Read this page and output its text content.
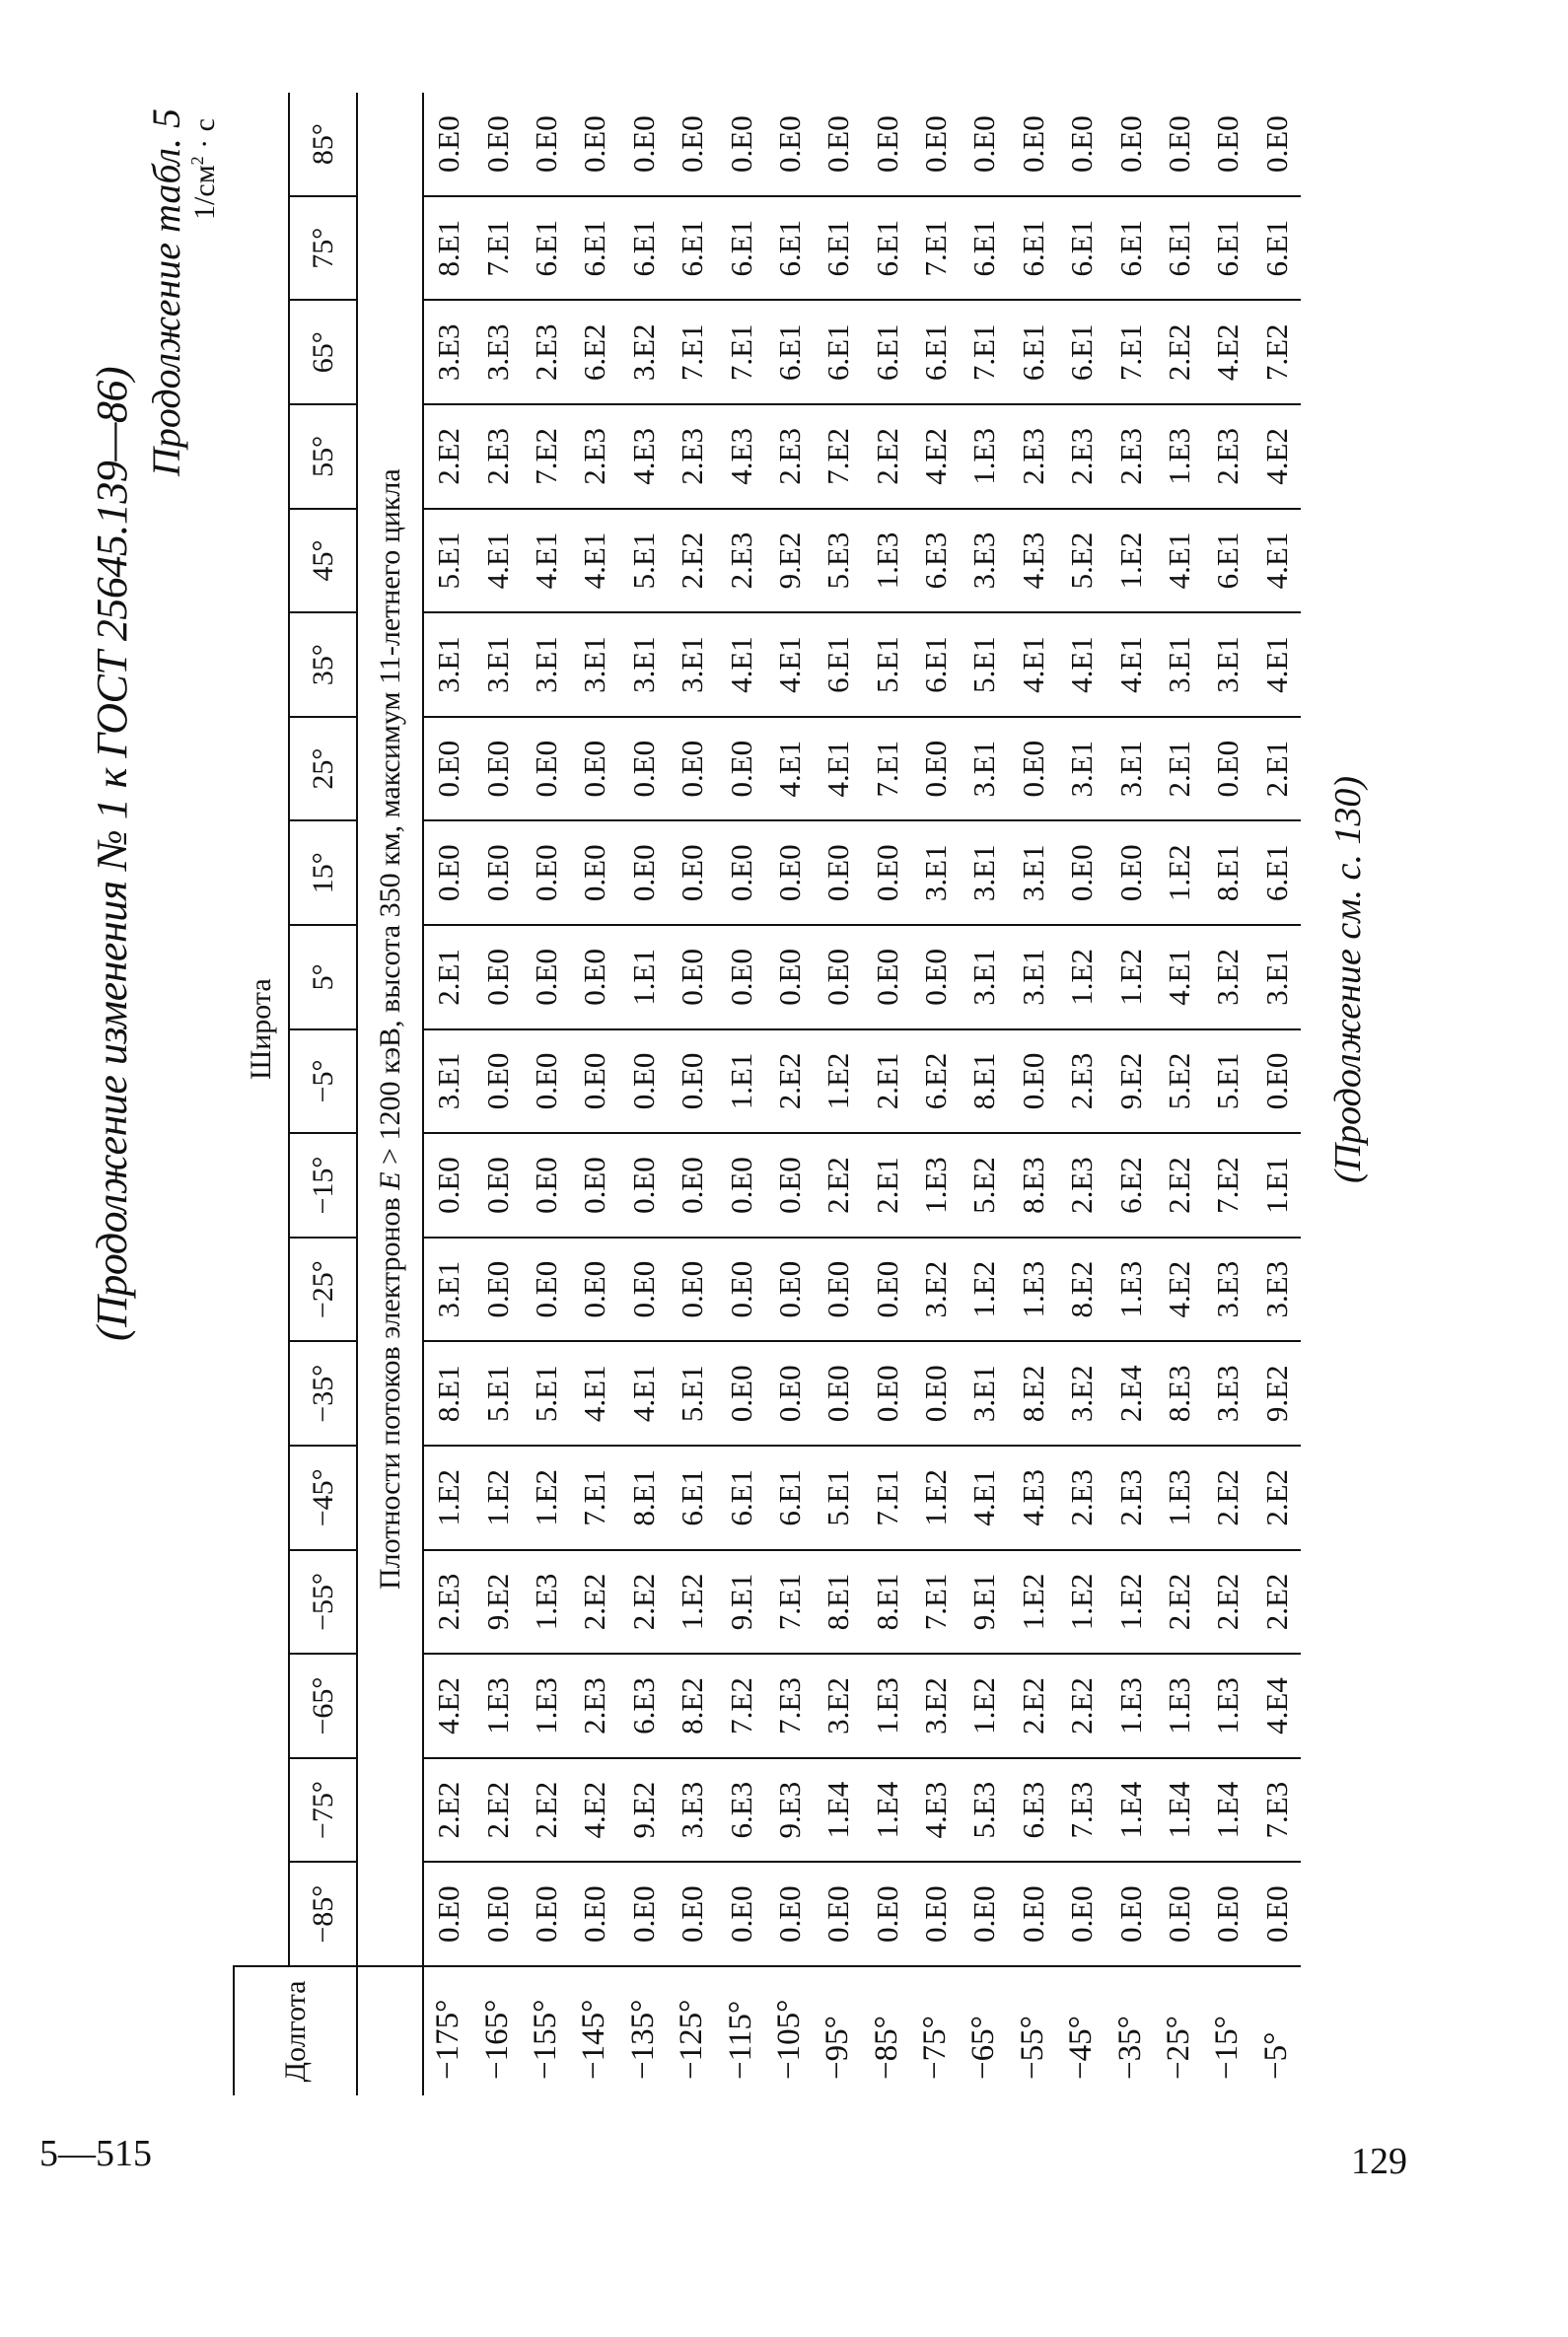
(Продолжение изменения № 1 к ГОСТ 25645.139—86)
Продолжение табл. 5 $1/см^2 \cdot с$
Долгота	Широта																	
	−85°	−75°	−65°	−55°	−45°	−35°	−25°	−15°	−5°	5°	15°	25°	35°	45°	55°	65°	75°	85°
	Плотности потоков электронов E > 1200 кэВ, высота 350 км, максимум 11-летнего цикла																	
−175°	0.E0	2.E2	4.E2	2.E3	1.E2	8.E1	3.E1	0.E0	3.E1	2.E1	0.E0	0.E0	3.E1	5.E1	2.E2	3.E3	8.E1	0.E0
−165°	0.E0	2.E2	1.E3	9.E2	1.E2	5.E1	0.E0	0.E0	0.E0	0.E0	0.E0	0.E0	3.E1	4.E1	2.E3	3.E3	7.E1	0.E0
−155°	0.E0	2.E2	1.E3	1.E3	1.E2	5.E1	0.E0	0.E0	0.E0	0.E0	0.E0	0.E0	3.E1	4.E1	7.E2	2.E3	6.E1	0.E0
−145°	0.E0	4.E2	2.E3	2.E2	7.E1	4.E1	0.E0	0.E0	0.E0	0.E0	0.E0	0.E0	3.E1	4.E1	2.E3	6.E2	6.E1	0.E0
−135°	0.E0	9.E2	6.E3	2.E2	8.E1	4.E1	0.E0	0.E0	0.E0	1.E1	0.E0	0.E0	3.E1	5.E1	4.E3	3.E2	6.E1	0.E0
−125°	0.E0	3.E3	8.E2	1.E2	6.E1	5.E1	0.E0	0.E0	0.E0	0.E0	0.E0	0.E0	3.E1	2.E2	2.E3	7.E1	6.E1	0.E0
−115°	0.E0	6.E3	7.E2	9.E1	6.E1	0.E0	0.E0	0.E0	1.E1	0.E0	0.E0	0.E0	4.E1	2.E3	4.E3	7.E1	6.E1	0.E0
−105°	0.E0	9.E3	7.E3	7.E1	6.E1	0.E0	0.E0	0.E0	2.E2	0.E0	0.E0	4.E1	4.E1	9.E2	2.E3	6.E1	6.E1	0.E0
−95°	0.E0	1.E4	3.E2	8.E1	5.E1	0.E0	0.E0	2.E2	1.E2	0.E0	0.E0	4.E1	6.E1	5.E3	7.E2	6.E1	6.E1	0.E0
−85°	0.E0	1.E4	1.E3	8.E1	7.E1	0.E0	0.E0	2.E1	2.E1	0.E0	0.E0	7.E1	5.E1	1.E3	2.E2	6.E1	6.E1	0.E0
−75°	0.E0	4.E3	3.E2	7.E1	1.E2	0.E0	3.E2	1.E3	6.E2	0.E0	3.E1	0.E0	6.E1	6.E3	4.E2	6.E1	7.E1	0.E0
−65°	0.E0	5.E3	1.E2	9.E1	4.E1	3.E1	1.E2	5.E2	8.E1	3.E1	3.E1	3.E1	5.E1	3.E3	1.E3	7.E1	6.E1	0.E0
−55°	0.E0	6.E3	2.E2	1.E2	4.E3	8.E2	1.E3	8.E3	0.E0	3.E1	3.E1	0.E0	4.E1	4.E3	2.E3	6.E1	6.E1	0.E0
−45°	0.E0	7.E3	2.E2	1.E2	2.E3	3.E2	8.E2	2.E3	2.E3	1.E2	0.E0	3.E1	4.E1	5.E2	2.E3	6.E1	6.E1	0.E0
−35°	0.E0	1.E4	1.E3	1.E2	2.E3	2.E4	1.E3	6.E2	9.E2	1.E2	0.E0	3.E1	4.E1	1.E2	2.E3	7.E1	6.E1	0.E0
−25°	0.E0	1.E4	1.E3	2.E2	1.E3	8.E3	4.E2	2.E2	5.E2	4.E1	1.E2	2.E1	3.E1	4.E1	1.E3	2.E2	6.E1	0.E0
−15°	0.E0	1.E4	1.E3	2.E2	2.E2	3.E3	3.E3	7.E2	5.E1	3.E2	8.E1	0.E0	3.E1	6.E1	2.E3	4.E2	6.E1	0.E0
−5°	0.E0	7.E3	4.E4	2.E2	2.E2	9.E2	3.E3	1.E1	0.E0	3.E1	6.E1	2.E1	4.E1	4.E1	4.E2	7.E2	6.E1	0.E0
(Продолжение см. с. 130)
129
5—515
